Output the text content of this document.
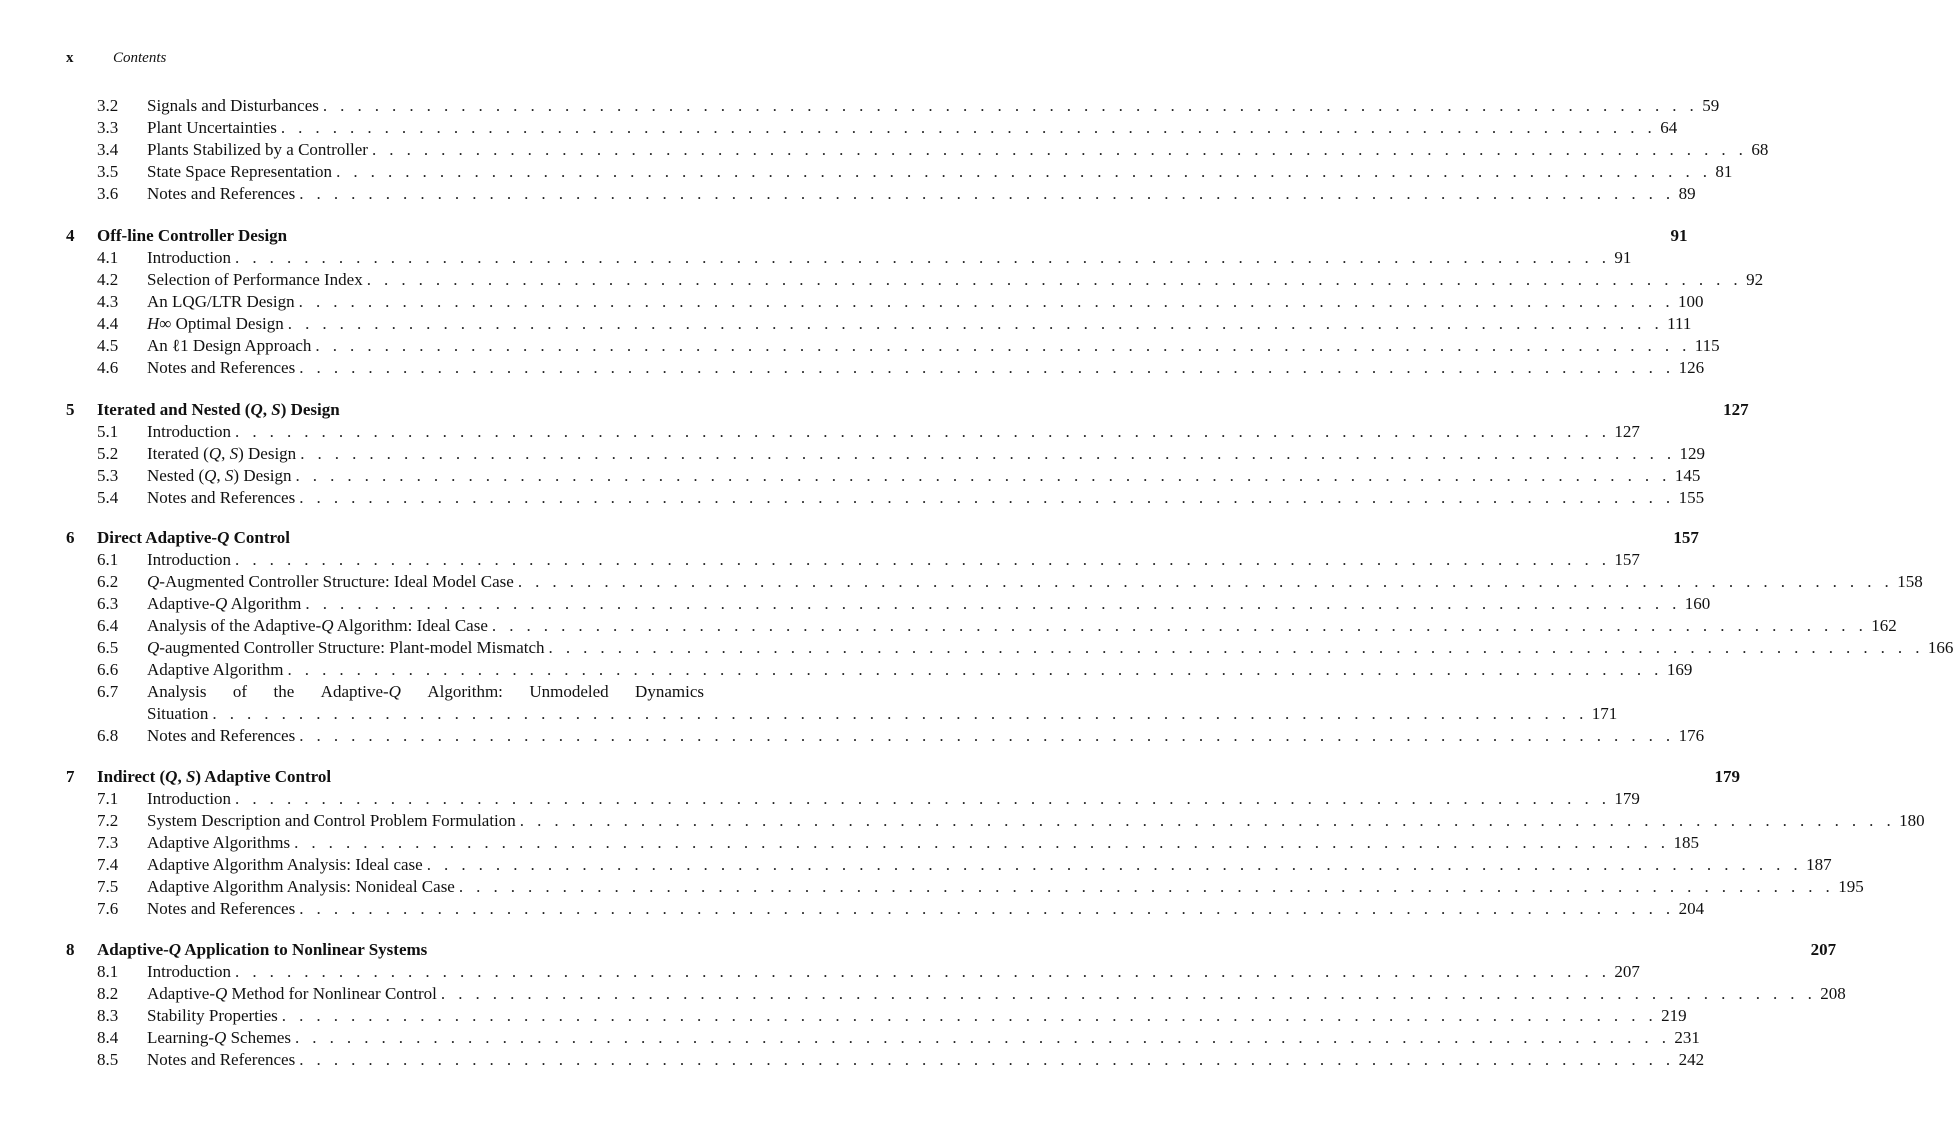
x	Contents
3.2 Signals and Disturbances . . . . . . . . . . . . . . . . . . . . . . . . . . . . . . . . . . . . . . . . . . . . . . . . . . . . . . . . . . . . . . . . . . . . . . . . . . . . . . . . 59
3.3 Plant Uncertainties . . . . . . . . . . . . . . . . . . . . . . . . . . . . . . . . . . . . . . . . . . . . . . . . . . . . . . . . . . . . . . . . . . . . . . . . . . . . . . . . 64
3.4 Plants Stabilized by a Controller . . . . . . . . . . . . . . . . . . . . . . . . . . . . . . . . . . . . . . . . . . . . . . . . . . . . . . . . . . . . . . . . . . . . . . . . . . . . . . . . 68
3.5 State Space Representation . . . . . . . . . . . . . . . . . . . . . . . . . . . . . . . . . . . . . . . . . . . . . . . . . . . . . . . . . . . . . . . . . . . . . . . . . . . . . . . . 81
3.6 Notes and References . . . . . . . . . . . . . . . . . . . . . . . . . . . . . . . . . . . . . . . . . . . . . . . . . . . . . . . . . . . . . . . . . . . . . . . . . . . . . . . . 89
4 Off-line Controller Design	91
4.1 Introduction . . . . . . . . . . . . . . . . . . . . . . . . . . . . . . . . . . . . . . . . . . . . . . . . . . . . . . . . . . . . . . . . . . . . . . . . . . . . . . . . 91
4.2 Selection of Performance Index . . . . . . . . . . . . . . . . . . . . . . . . . . . . . . . . . . . . . . . . . . . . . . . . . . . . . . . . . . . . . . . . . . . . . . . . . . . . . . . . 92
4.3 An LQG/LTR Design . . . . . . . . . . . . . . . . . . . . . . . . . . . . . . . . . . . . . . . . . . . . . . . . . . . . . . . . . . . . . . . . . . . . . . . . . . . . . . . . 100
4.4 H∞ Optimal Design . . . . . . . . . . . . . . . . . . . . . . . . . . . . . . . . . . . . . . . . . . . . . . . . . . . . . . . . . . . . . . . . . . . . . . . . . . . . . . . . 111
4.5 An ℓ1 Design Approach . . . . . . . . . . . . . . . . . . . . . . . . . . . . . . . . . . . . . . . . . . . . . . . . . . . . . . . . . . . . . . . . . . . . . . . . . . . . . . . . 115
4.6 Notes and References . . . . . . . . . . . . . . . . . . . . . . . . . . . . . . . . . . . . . . . . . . . . . . . . . . . . . . . . . . . . . . . . . . . . . . . . . . . . . . . . 126
5 Iterated and Nested (Q, S) Design	127
5.1 Introduction . . . . . . . . . . . . . . . . . . . . . . . . . . . . . . . . . . . . . . . . . . . . . . . . . . . . . . . . . . . . . . . . . . . . . . . . . . . . . . . . 127
5.2 Iterated (Q, S) Design . . . . . . . . . . . . . . . . . . . . . . . . . . . . . . . . . . . . . . . . . . . . . . . . . . . . . . . . . . . . . . . . . . . . . . . . . . . . . . . . 129
5.3 Nested (Q, S) Design . . . . . . . . . . . . . . . . . . . . . . . . . . . . . . . . . . . . . . . . . . . . . . . . . . . . . . . . . . . . . . . . . . . . . . . . . . . . . . . . 145
5.4 Notes and References . . . . . . . . . . . . . . . . . . . . . . . . . . . . . . . . . . . . . . . . . . . . . . . . . . . . . . . . . . . . . . . . . . . . . . . . . . . . . . . . 155
6 Direct Adaptive-Q Control	157
6.1 Introduction . . . . . . . . . . . . . . . . . . . . . . . . . . . . . . . . . . . . . . . . . . . . . . . . . . . . . . . . . . . . . . . . . . . . . . . . . . . . . . . . 157
6.2 Q-Augmented Controller Structure: Ideal Model Case . . . . . . . . . . . . . . . . . . . . . . . . . . . . . . . . . . . . . . . . . . . . . . . . . . . . . . . . . . . . . . . . . . . . . . . . . . . . . . . . 158
6.3 Adaptive-Q Algorithm . . . . . . . . . . . . . . . . . . . . . . . . . . . . . . . . . . . . . . . . . . . . . . . . . . . . . . . . . . . . . . . . . . . . . . . . . . . . . . . . 160
6.4 Analysis of the Adaptive-Q Algorithm: Ideal Case . . . . . . . . . . . . . . . . . . . . . . . . . . . . . . . . . . . . . . . . . . . . . . . . . . . . . . . . . . . . . . . . . . . . . . . . . . . . . . . . 162
6.5 Q-augmented Controller Structure: Plant-model Mismatch . . . . . . . . . . . . . . . . . . . . . . . . . . . . . . . . . . . . . . . . . . . . . . . . . . . . . . . . . . . . . . . . . . . . . . . . . . . . . . . . 166
6.6 Adaptive Algorithm . . . . . . . . . . . . . . . . . . . . . . . . . . . . . . . . . . . . . . . . . . . . . . . . . . . . . . . . . . . . . . . . . . . . . . . . . . . . . . . . 169
6.7 Analysis of the Adaptive-Q Algorithm: Unmodeled Dynamics
Situation . . . . . . . . . . . . . . . . . . . . . . . . . . . . . . . . . . . . . . . . . . . . . . . . . . . . . . . . . . . . . . . . . . . . . . . . . . . . . . . . 171
6.8 Notes and References . . . . . . . . . . . . . . . . . . . . . . . . . . . . . . . . . . . . . . . . . . . . . . . . . . . . . . . . . . . . . . . . . . . . . . . . . . . . . . . . 176
7 Indirect (Q, S) Adaptive Control	179
7.1 Introduction . . . . . . . . . . . . . . . . . . . . . . . . . . . . . . . . . . . . . . . . . . . . . . . . . . . . . . . . . . . . . . . . . . . . . . . . . . . . . . . . 179
7.2 System Description and Control Problem Formulation . . . . . . . . . . . . . . . . . . . . . . . . . . . . . . . . . . . . . . . . . . . . . . . . . . . . . . . . . . . . . . . . . . . . . . . . . . . . . . . . 180
7.3 Adaptive Algorithms . . . . . . . . . . . . . . . . . . . . . . . . . . . . . . . . . . . . . . . . . . . . . . . . . . . . . . . . . . . . . . . . . . . . . . . . . . . . . . . . 185
7.4 Adaptive Algorithm Analysis: Ideal case . . . . . . . . . . . . . . . . . . . . . . . . . . . . . . . . . . . . . . . . . . . . . . . . . . . . . . . . . . . . . . . . . . . . . . . . . . . . . . . . 187
7.5 Adaptive Algorithm Analysis: Nonideal Case . . . . . . . . . . . . . . . . . . . . . . . . . . . . . . . . . . . . . . . . . . . . . . . . . . . . . . . . . . . . . . . . . . . . . . . . . . . . . . . . 195
7.6 Notes and References . . . . . . . . . . . . . . . . . . . . . . . . . . . . . . . . . . . . . . . . . . . . . . . . . . . . . . . . . . . . . . . . . . . . . . . . . . . . . . . . 204
8 Adaptive-Q Application to Nonlinear Systems	207
8.1 Introduction . . . . . . . . . . . . . . . . . . . . . . . . . . . . . . . . . . . . . . . . . . . . . . . . . . . . . . . . . . . . . . . . . . . . . . . . . . . . . . . . 207
8.2 Adaptive-Q Method for Nonlinear Control . . . . . . . . . . . . . . . . . . . . . . . . . . . . . . . . . . . . . . . . . . . . . . . . . . . . . . . . . . . . . . . . . . . . . . . . . . . . . . . . 208
8.3 Stability Properties . . . . . . . . . . . . . . . . . . . . . . . . . . . . . . . . . . . . . . . . . . . . . . . . . . . . . . . . . . . . . . . . . . . . . . . . . . . . . . . . 219
8.4 Learning-Q Schemes . . . . . . . . . . . . . . . . . . . . . . . . . . . . . . . . . . . . . . . . . . . . . . . . . . . . . . . . . . . . . . . . . . . . . . . . . . . . . . . . 231
8.5 Notes and References . . . . . . . . . . . . . . . . . . . . . . . . . . . . . . . . . . . . . . . . . . . . . . . . . . . . . . . . . . . . . . . . . . . . . . . . . . . . . . . . 242
